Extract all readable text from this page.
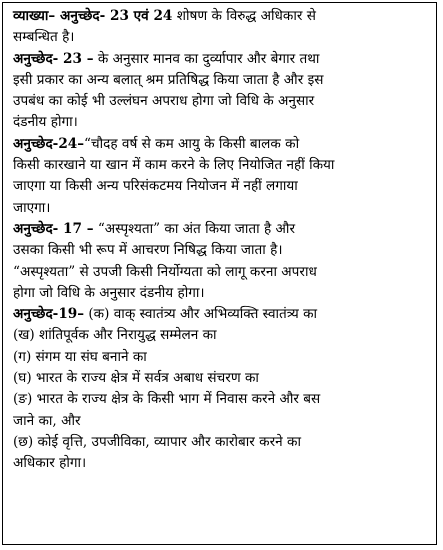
व्याख्या– अनुच्छेद- 23 एवं 24 शोषण के विरुद्ध अधिकार से
सम्बन्धित है।
अनुच्छेद- 23 – के अनुसार मानव का दुर्व्यापार और बेगार तथा
इसी प्रकार का अन्य बलात् श्रम प्रतिषिद्ध किया जाता है और इस
उपबंध का कोई भी उल्लंघन अपराध होगा जो विधि के अनुसार
दंडनीय होगा।
अनुच्छेद-24–“चौदह वर्ष से कम आयु के किसी बालक को
किसी कारखाने या खान में काम करने के लिए नियोजित नहीं किया
जाएगा या किसी अन्य परिसंकटमय नियोजन में नहीं लगाया
जाएगा।
अनुच्छेद- 17 – “अस्पृश्यता” का अंत किया जाता है और
उसका किसी भी रूप में आचरण निषिद्ध किया जाता है।
“अस्पृश्यता” से उपजी किसी निर्योग्यता को लागू करना अपराध
होगा जो विधि के अनुसार दंडनीय होगा।
अनुच्छेद-19– (क) वाक् स्वातंत्र्य और अभिव्यक्ति स्वातंत्र्य का
(ख) शांतिपूर्वक और निरायुद्ध सम्मेलन का
(ग) संगम या संघ बनाने का
(घ) भारत के राज्य क्षेत्र में सर्वत्र अबाध संचरण का
(ङ) भारत के राज्य क्षेत्र के किसी भाग में निवास करने और बस
जाने का, और
(छ) कोई वृत्ति, उपजीविका, व्यापार और कारोबार करने का
अधिकार होगा।
